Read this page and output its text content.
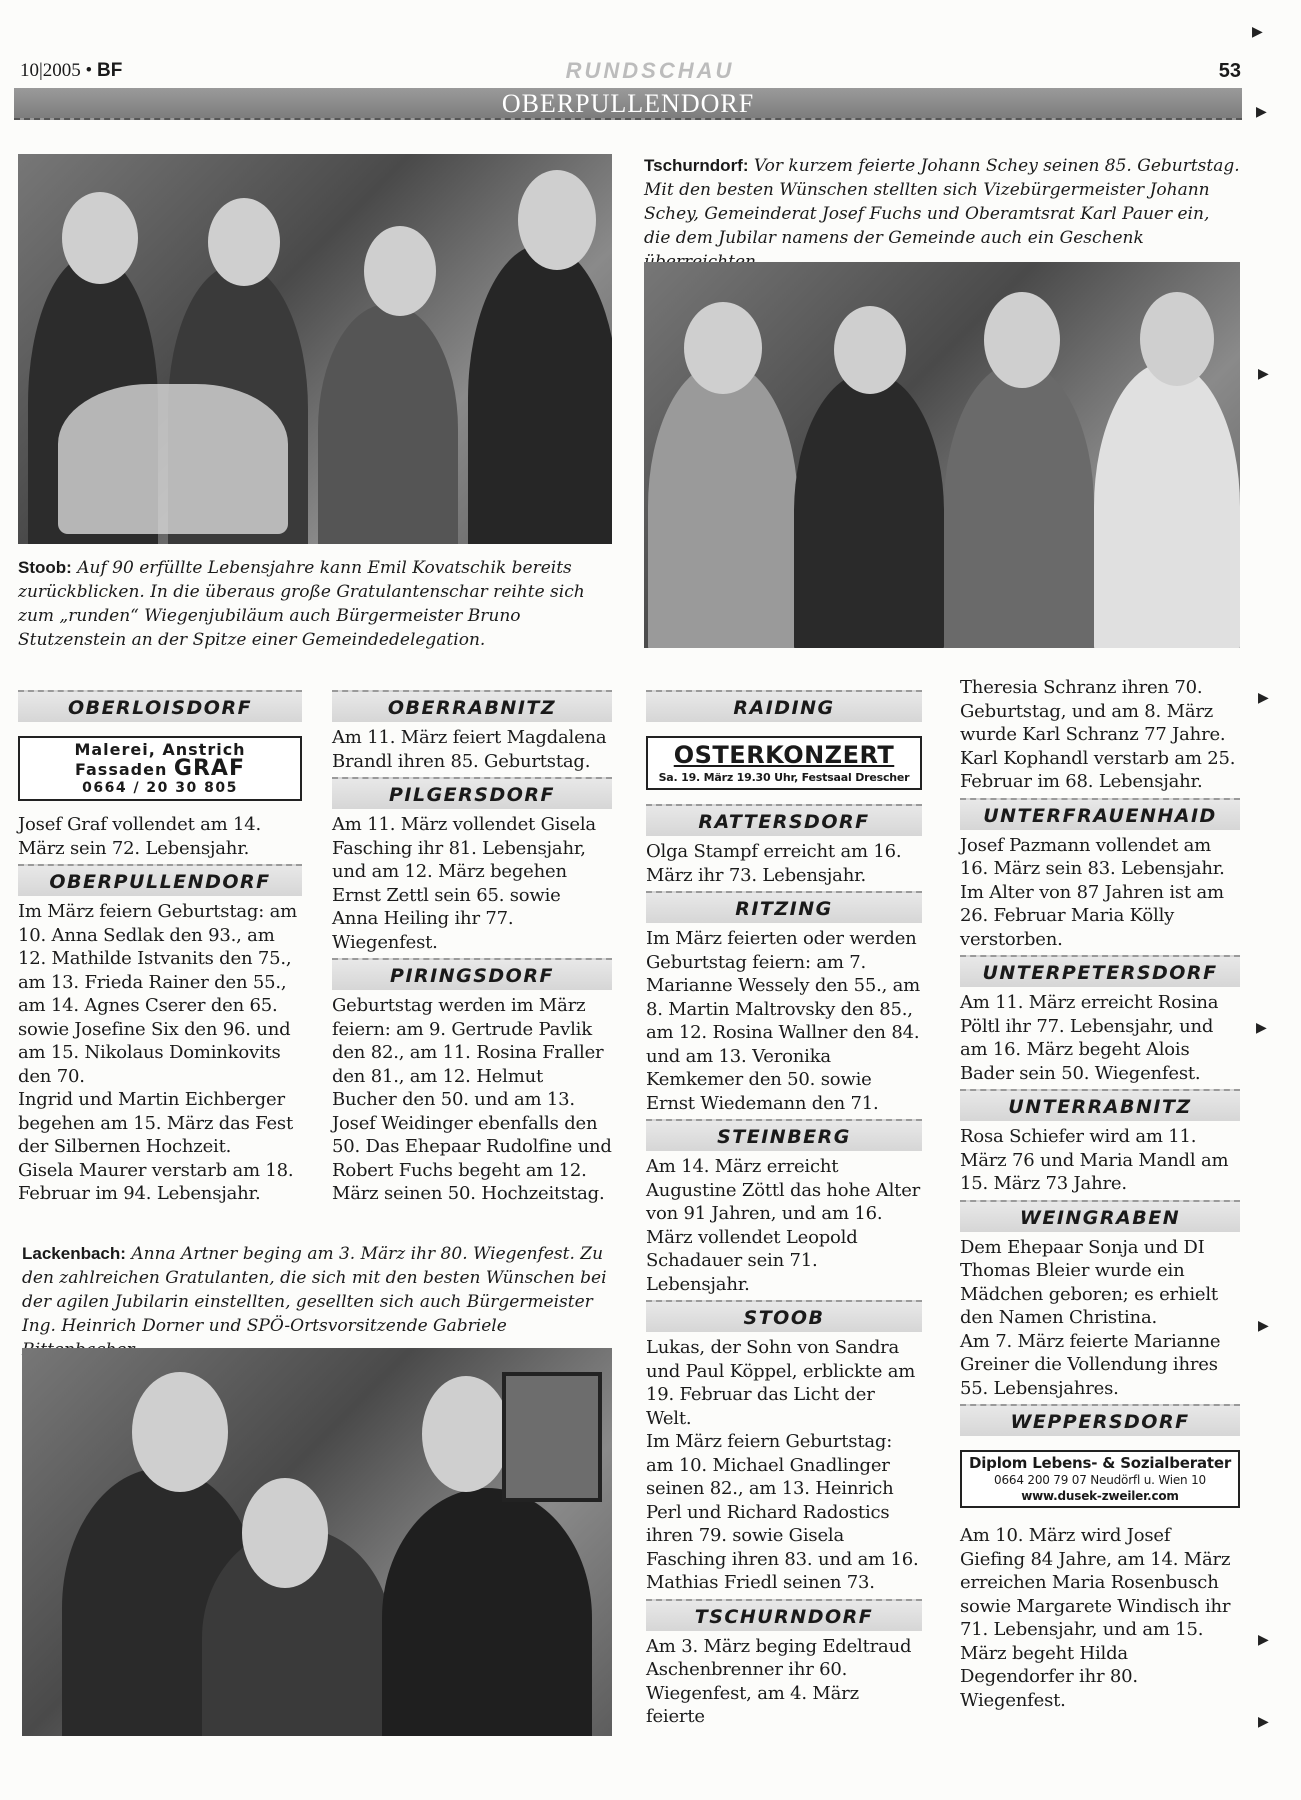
10|2005 • BF	RUNDSCHAU	53
OBERPULLENDORF
▶
▶
▶
▶
▶
▶
▶
▶
Stoob: Auf 90 erfüllte Lebensjahre kann Emil Kovatschik bereits zurückblicken. In die überaus große Gratulantenschar reihte sich zum „runden“ Wiegenjubiläum auch Bürgermeister Bruno Stutzenstein an der Spitze einer Gemeindedelegation.
Tschurndorf: Vor kurzem feierte Johann Schey seinen 85. Geburtstag. Mit den besten Wünschen stellten sich Vizebürgermeister Johann Schey, Gemeinderat Josef Fuchs und Oberamtsrat Karl Pauer ein, die dem Jubilar namens der Gemeinde auch ein Geschenk
OBERLOISDORF
Malerei, Anstrich
Fassaden GRAF
0664 / 20 30 805
Josef Graf vollendet am 14. März sein 72. Lebensjahr.
OBERPULLENDORF
Im März feiern Geburtstag: am 10. Anna Sedlak den 93., am 12. Mathilde Istvanits den 75., am 13. Frieda Rainer den 55., am 14. Agnes Cserer den 65. sowie Josefine Six den 96. und am 15. Nikolaus Dominkovits den 70.
Ingrid und Martin Eichberger begehen am 15. März das Fest der Silbernen Hochzeit.
Gisela Maurer verstarb am 18. Februar im 94. Lebensjahr.
OBERRABNITZ
Am 11. März feiert Magdalena Brandl ihren 85. Geburtstag.
PILGERSDORF
Am 11. März vollendet Gisela Fasching ihr 81. Lebensjahr, und am 12. März begehen Ernst Zettl sein 65. sowie Anna Heiling ihr 77. Wiegenfest.
PIRINGSDORF
Geburtstag werden im März feiern: am 9. Gertrude Pavlik den 82., am 11. Rosina Fraller den 81., am 12. Helmut Bucher den 50. und am 13. Josef Weidinger ebenfalls den 50. Das Ehepaar Rudolfine und Robert Fuchs begeht am 12. März seinen 50. Hochzeitstag.
Lackenbach: Anna Artner beging am 3. März ihr 80. Wiegenfest. Zu den zahlreichen Gratulanten, die sich mit den besten Wünschen bei der agilen Jubilarin einstellten, gesellten sich auch Bürgermeister Ing. Heinrich Dorner und SPÖ-Ortsvorsitzende Gabriele
RAIDING
OSTERKONZERT
Sa. 19. März 19.30 Uhr, Festsaal Drescher
RATTERSDORF
Olga Stampf erreicht am 16. März ihr 73. Lebensjahr.
RITZING
Im März feierten oder werden Geburtstag feiern: am 7. Marianne Wessely den 55., am 8. Martin Maltrovsky den 85., am 12. Rosina Wallner den 84. und am 13. Veronika Kemkemer den 50. sowie Ernst Wiedemann den 71.
STEINBERG
Am 14. März erreicht Augustine Zöttl das hohe Alter von 91 Jahren, und am 16. März vollendet Leopold Schadauer sein 71. Lebensjahr.
STOOB
Lukas, der Sohn von Sandra und Paul Köppel, erblickte am 19. Februar das Licht der Welt.
Im März feiern Geburtstag: am 10. Michael Gnadlinger seinen 82., am 13. Heinrich Perl und Richard Radostics ihren 79. sowie Gisela Fasching ihren 83. und am 16. Mathias Friedl seinen 73.
TSCHURNDORF
Am 3. März beging Edeltraud Aschenbrenner ihr 60. Wiegenfest, am 4. März feierte
Theresia Schranz ihren 70. Geburtstag, und am 8. März wurde Karl Schranz 77 Jahre.
Karl Kophandl verstarb am 25. Februar im 68. Lebensjahr.
UNTERFRAUENHAID
Josef Pazmann vollendet am 16. März sein 83. Lebensjahr.
Im Alter von 87 Jahren ist am 26. Februar Maria Kölly verstorben.
UNTERPETERSDORF
Am 11. März erreicht Rosina Pöltl ihr 77. Lebensjahr, und am 16. März begeht Alois Bader sein 50. Wiegenfest.
UNTERRABNITZ
Rosa Schiefer wird am 11. März 76 und Maria Mandl am 15. März 73 Jahre.
WEINGRABEN
Dem Ehepaar Sonja und DI Thomas Bleier wurde ein Mädchen geboren; es erhielt den Namen Christina.
Am 7. März feierte Marianne Greiner die Vollendung ihres 55. Lebensjahres.
WEPPERSDORF
Diplom Lebens- & Sozialberater
0664 200 79 07 Neudörfl u. Wien 10
www.dusek-zweiler.com
Am 10. März wird Josef Giefing 84 Jahre, am 14. März erreichen Maria Rosenbusch sowie Margarete Windisch ihr 71. Lebensjahr, und am 15. März begeht Hilda Degendorfer ihr 80. Wiegenfest.
